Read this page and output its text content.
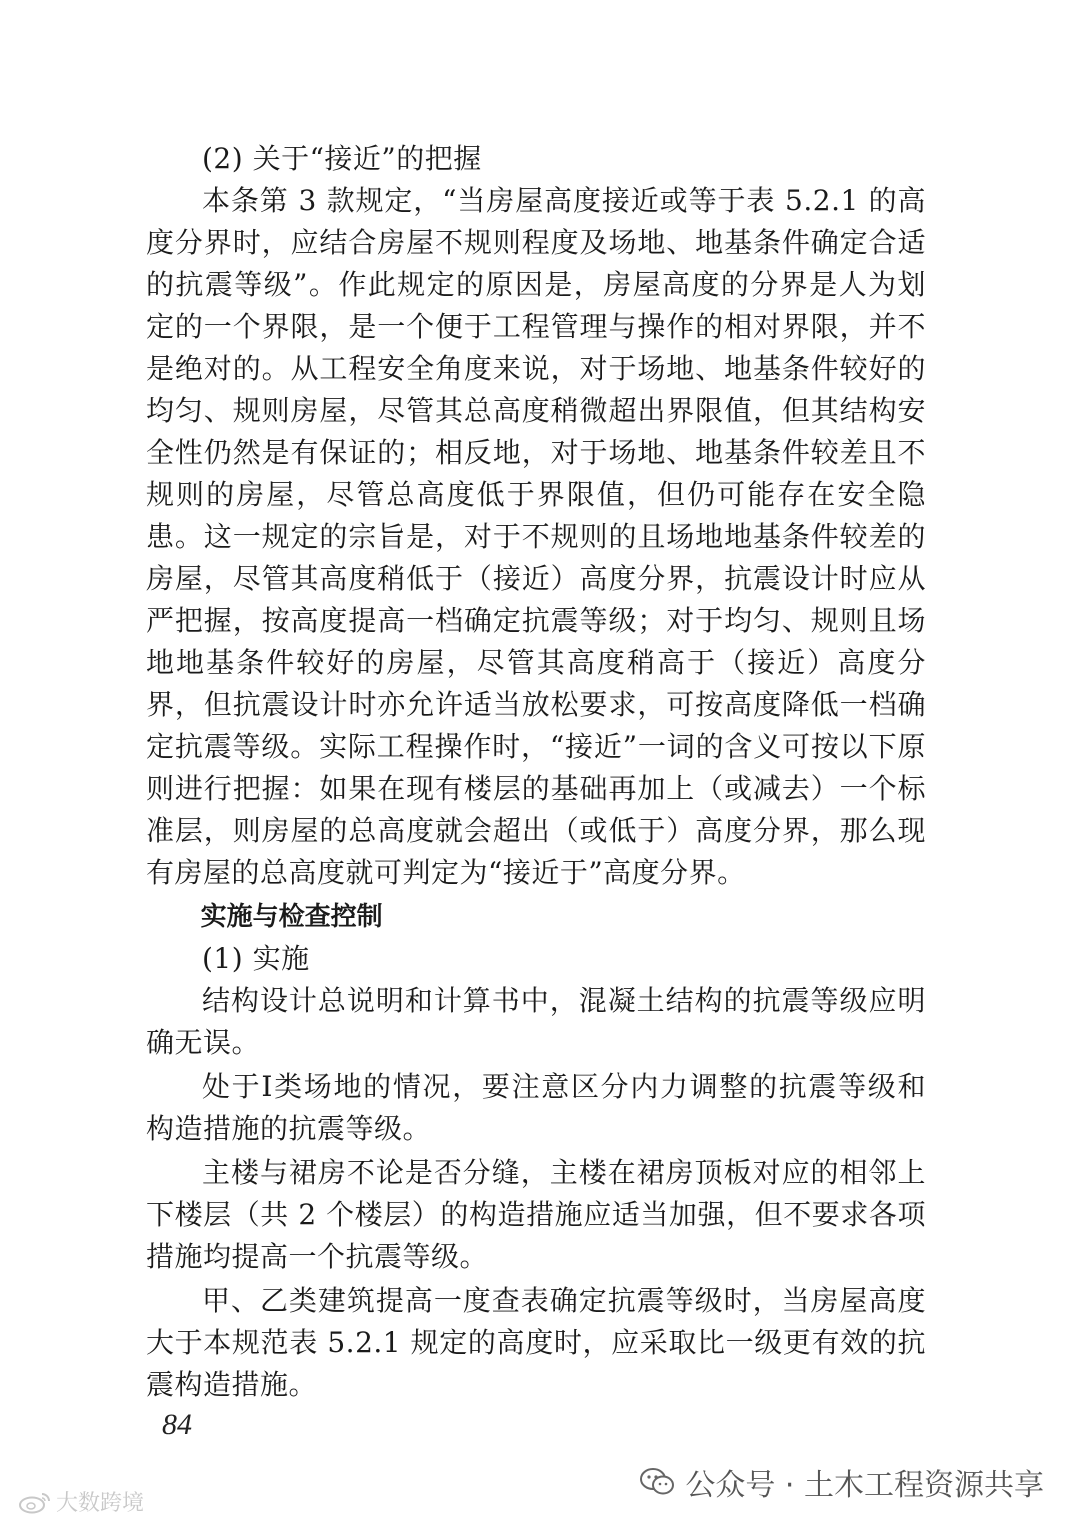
(2) 关于“接近”的把握

本条第 3 款规定，“当房屋高度接近或等于表 5.2.1 的高度分界时，应结合房屋不规则程度及场地、地基条件确定合适的抗震等级”。作此规定的原因是，房屋高度的分界是人为划定的一个界限，是一个便于工程管理与操作的相对界限，并不是绝对的。从工程安全角度来说，对于场地、地基条件较好的均匀、规则房屋，尽管其总高度稍微超出界限值，但其结构安全性仍然是有保证的；相反地，对于场地、地基条件较差且不规则的房屋，尽管总高度低于界限值，但仍可能存在安全隐患。这一规定的宗旨是，对于不规则的且场地地基条件较差的房屋，尽管其高度稍低于（接近）高度分界，抗震设计时应从严把握，按高度提高一档确定抗震等级；对于均匀、规则且场地地基条件较好的房屋，尽管其高度稍高于（接近）高度分界，但抗震设计时亦允许适当放松要求，可按高度降低一档确定抗震等级。实际工程操作时，“接近”一词的含义可按以下原则进行把握：如果在现有楼层的基础再加上（或减去）一个标准层，则房屋的总高度就会超出（或低于）高度分界，那么现有房屋的总高度就可判定为“接近于”高度分界。

实施与检查控制

(1) 实施

结构设计总说明和计算书中，混凝土结构的抗震等级应明确无误。

处于Ⅰ类场地的情况，要注意区分内力调整的抗震等级和构造措施的抗震等级。

主楼与裙房不论是否分缝，主楼在裙房顶板对应的相邻上下楼层（共 2 个楼层）的构造措施应适当加强，但不要求各项措施均提高一个抗震等级。

甲、乙类建筑提高一度查表确定抗震等级时，当房屋高度大于本规范表 5.2.1 规定的高度时，应采取比一级更有效的抗震构造措施。

84
公众号 · 土木工程资源共享
大数跨境
